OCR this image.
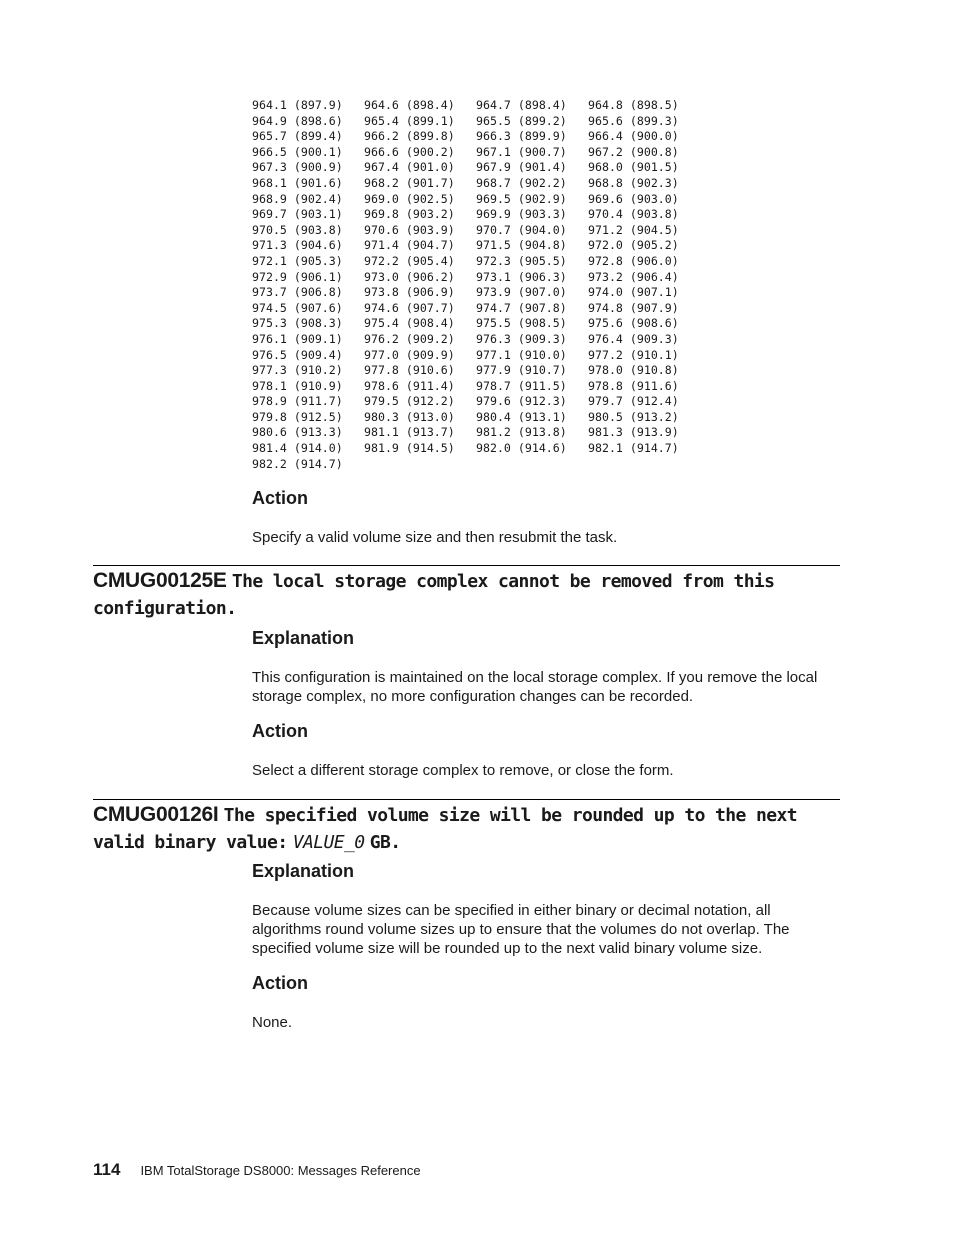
964.1 (897.9)	964.6 (898.4)	964.7 (898.4)	964.8 (898.5)
964.9 (898.6)	965.4 (899.1)	965.5 (899.2)	965.6 (899.3)
965.7 (899.4)	966.2 (899.8)	966.3 (899.9)	966.4 (900.0)
966.5 (900.1)	966.6 (900.2)	967.1 (900.7)	967.2 (900.8)
967.3 (900.9)	967.4 (901.0)	967.9 (901.4)	968.0 (901.5)
968.1 (901.6)	968.2 (901.7)	968.7 (902.2)	968.8 (902.3)
968.9 (902.4)	969.0 (902.5)	969.5 (902.9)	969.6 (903.0)
969.7 (903.1)	969.8 (903.2)	969.9 (903.3)	970.4 (903.8)
970.5 (903.8)	970.6 (903.9)	970.7 (904.0)	971.2 (904.5)
971.3 (904.6)	971.4 (904.7)	971.5 (904.8)	972.0 (905.2)
972.1 (905.3)	972.2 (905.4)	972.3 (905.5)	972.8 (906.0)
972.9 (906.1)	973.0 (906.2)	973.1 (906.3)	973.2 (906.4)
973.7 (906.8)	973.8 (906.9)	973.9 (907.0)	974.0 (907.1)
974.5 (907.6)	974.6 (907.7)	974.7 (907.8)	974.8 (907.9)
975.3 (908.3)	975.4 (908.4)	975.5 (908.5)	975.6 (908.6)
976.1 (909.1)	976.2 (909.2)	976.3 (909.3)	976.4 (909.3)
976.5 (909.4)	977.0 (909.9)	977.1 (910.0)	977.2 (910.1)
977.3 (910.2)	977.8 (910.6)	977.9 (910.7)	978.0 (910.8)
978.1 (910.9)	978.6 (911.4)	978.7 (911.5)	978.8 (911.6)
978.9 (911.7)	979.5 (912.2)	979.6 (912.3)	979.7 (912.4)
979.8 (912.5)	980.3 (913.0)	980.4 (913.1)	980.5 (913.2)
980.6 (913.3)	981.1 (913.7)	981.2 (913.8)	981.3 (913.9)
981.4 (914.0)	981.9 (914.5)	982.0 (914.6)	982.1 (914.7)
982.2 (914.7)
Action

Specify a valid volume size and then resubmit the task.

CMUG00125E The local storage complex cannot be removed from this configuration.
Explanation

This configuration is maintained on the local storage complex. If you remove the local storage complex, no more configuration changes can be recorded.

Action

Select a different storage complex to remove, or close the form.

CMUG00126I The specified volume size will be rounded up to the next valid binary value: VALUE_0 GB.
Explanation

Because volume sizes can be specified in either binary or decimal notation, all algorithms round volume sizes up to ensure that the volumes do not overlap. The specified volume size will be rounded up to the next valid binary volume size.

Action

None.

114 IBM TotalStorage DS8000: Messages Reference
